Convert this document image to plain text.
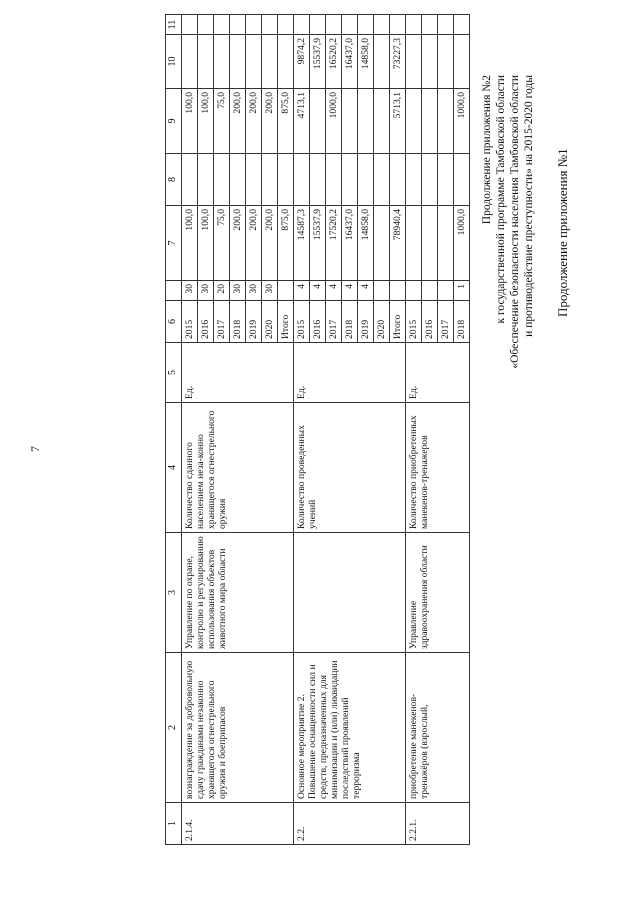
7
Продолжение приложения №1
Продолжение приложения №2 к государственной программе Тамбовской области «Обеспечение безопасности населения Тамбовской области и противодействие преступности» на 2015-2020 годы
1	2	3	4	5	6		7	8	9	10	11
2.1.4.	вознаграждение за добровольную сдачу гражданами незаконно хранящегося огнестрельного оружия и боеприпасов	Управление по охране, контролю и регулированию использования объектов животного мира области	Количество сданного населением неза-конно хранящегося огнестрельного оружия	Ед.	2015	30	100,0		100,0		
					2016	30	100,0		100,0		
					2017	20	75,0		75,0		
					2018	30	200,0		200,0		
					2019	30	200,0		200,0		
					2020	30	200,0		200,0		
					Итого		875,0		875,0		
2.2.	Основное мероприятие 2. Повышение оснащенности сил и средств, предназначенных для минимизации и (или) ликвидации последствий проявлений терроризма		Количество проведенных учений	Ед.	2015	4	14587,3		4713,1	9874,2	
					2016	4	15537,9			15537,9	
					2017	4	17520,2		1000,0	16520,2	
					2018	4	16437,0			16437,0	
					2019	4	14858,0			14858,0	
					2020						
					Итого		78940,4		5713,1	73227,3	
2.2.1.	приобретение манекенов-тренажёров (взрослый,	Управление здравоохранения области	Количество приобретенных манекенов-тренажеров	Ед.	2015						
					2016						
					2017						
					2018	1	1000,0		1000,0		
